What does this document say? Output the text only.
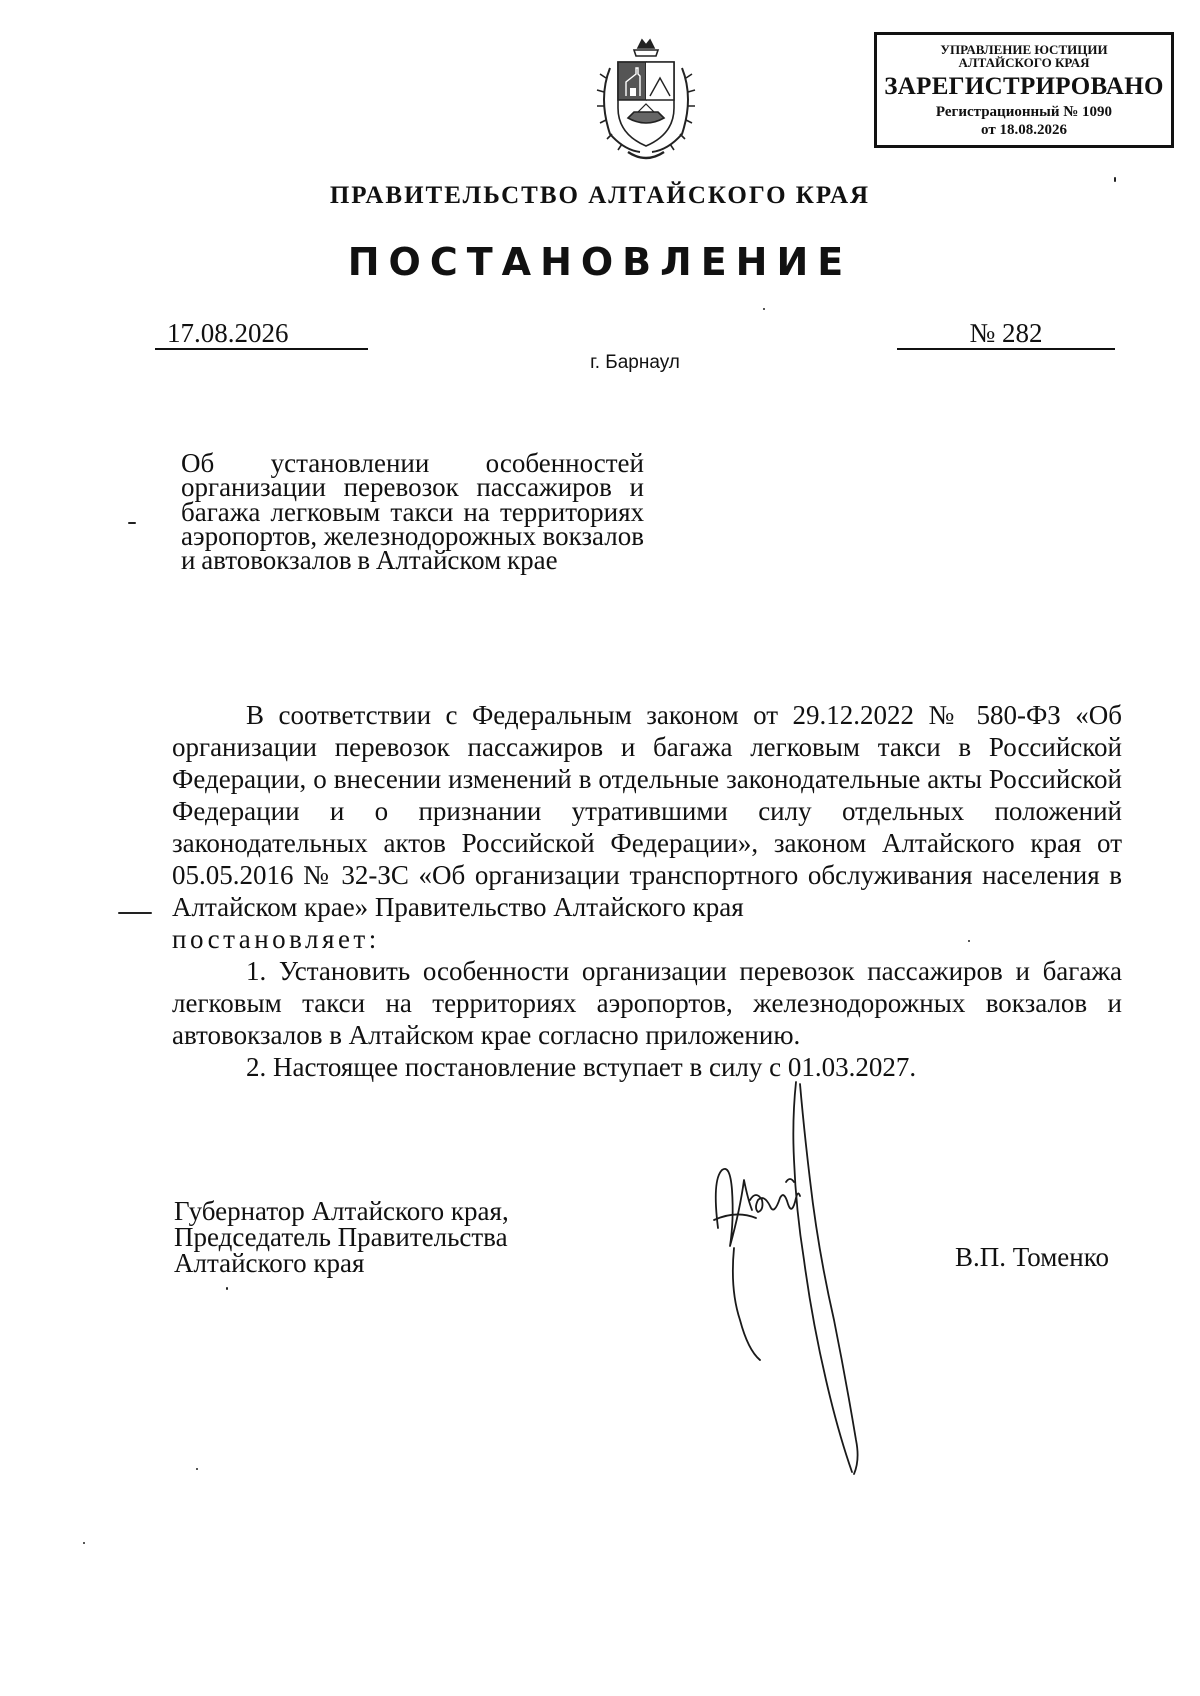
УПРАВЛЕНИЕ ЮСТИЦИИ
АЛТАЙСКОГО КРАЯ
ЗАРЕГИСТРИРОВАНО
Регистрационный № 1090
от 18.08.2026
ПРАВИТЕЛЬСТВО АЛТАЙСКОГО КРАЯ
ПОСТАНОВЛЕНИЕ
17.08.2026	№ 282
г. Барнаул
Об установлении особенностей организации перевозок пассажиров и багажа легковым такси на территориях аэропортов, железнодорожных вокзалов и автовокзалов в Алтайском крае

В соответствии с Федеральным законом от 29.12.2022 № 580-ФЗ «Об организации перевозок пассажиров и багажа легковым такси в Российской Федерации, о внесении изменений в отдельные законодательные акты Российской Федерации и о признании утратившими силу отдельных положений законодательных актов Российской Федерации», законом Алтайского края от 05.05.2016 № 32-ЗС «Об организации транспортного обслуживания населения в Алтайском крае» Правительство Алтайского края

постановляет:

1. Установить особенности организации перевозок пассажиров и багажа легковым такси на территориях аэропортов, железнодорожных вокзалов и автовокзалов в Алтайском крае согласно приложению.

2. Настоящее постановление вступает в силу с 01.03.2027.

Губернатор Алтайского края,
Председатель Правительства
Алтайского края	В.П. Томенко
